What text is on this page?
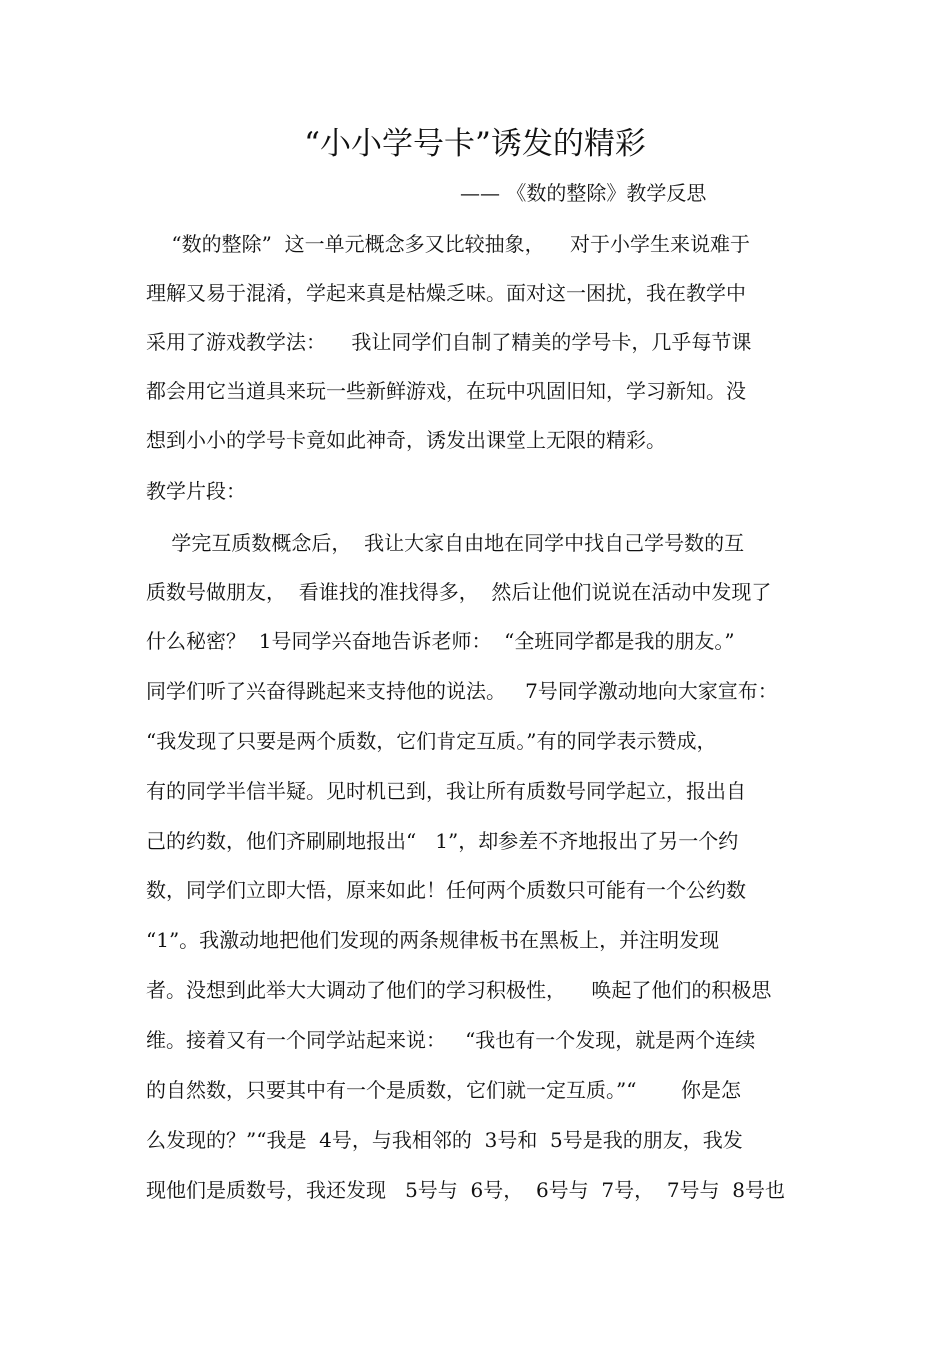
“小小学号卡”诱发的精彩

—— 《数的整除》教学反思

“数的整除”  这一单元概念多又比较抽象，    对于小学生来说难于

理解又易于混淆，学起来真是枯燥乏味。面对这一困扰，我在教学中

采用了游戏教学法：    我让同学们自制了精美的学号卡，几乎每节课

都会用它当道具来玩一些新鲜游戏，在玩中巩固旧知，学习新知。没

想到小小的学号卡竟如此神奇，诱发出课堂上无限的精彩。

教学片段：

学完互质数概念后，  我让大家自由地在同学中找自己学号数的互

质数号做朋友，  看谁找的准找得多，  然后让他们说说在活动中发现了

什么秘密？  1号同学兴奋地告诉老师：  “全班同学都是我的朋友。”

同学们听了兴奋得跳起来支持他的说法。   7号同学激动地向大家宣布：

“我发现了只要是两个质数，它们肯定互质。”有的同学表示赞成，

有的同学半信半疑。见时机已到，我让所有质数号同学起立，报出自

己的约数，他们齐刷刷地报出“   1”，却参差不齐地报出了另一个约

数，同学们立即大悟，原来如此！任何两个质数只可能有一个公约数

“1”。我激动地把他们发现的两条规律板书在黑板上，并注明发现

者。没想到此举大大调动了他们的学习积极性，    唤起了他们的积极思

维。接着又有一个同学站起来说：   “我也有一个发现，就是两个连续

的自然数，只要其中有一个是质数，它们就一定互质。”“       你是怎

么发现的？”“我是  4号，与我相邻的  3号和  5号是我的朋友，我发

现他们是质数号，我还发现   5号与  6号，  6号与  7号，  7号与  8号也
